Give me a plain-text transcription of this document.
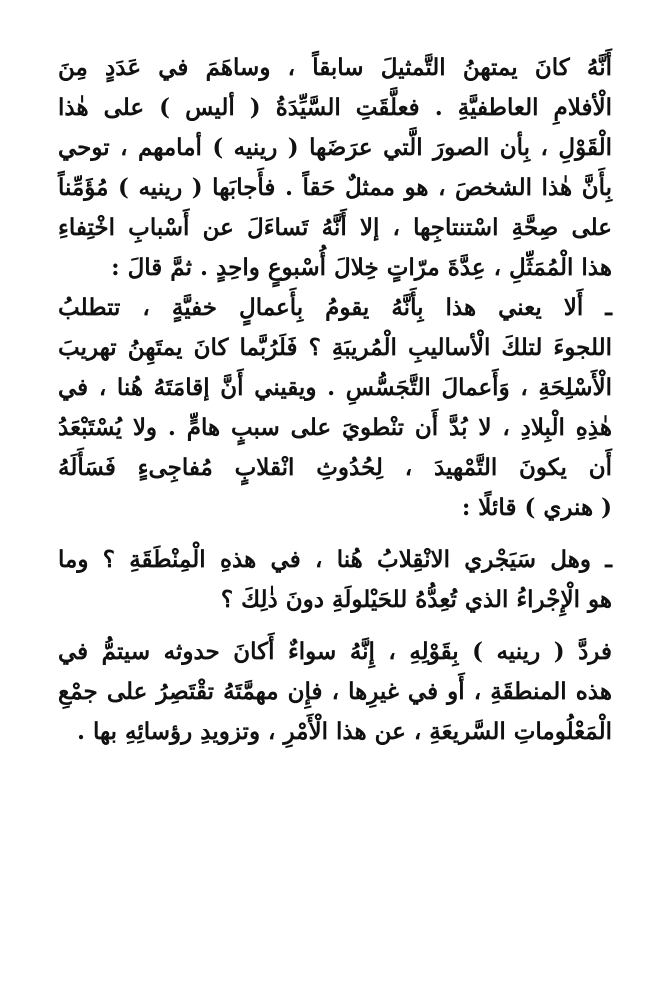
أَنَّهُ كانَ يمتهنُ التَّمثيلَ سابقاً ، وساهَمَ في عَدَدٍ مِنَ
الْأفلامِ العاطفيَّةِ . فعلَّقَتِ السَّيِّدَةُ ( أليس ) على هٰذا
الْقَوْلِ ، بِأن الصورَ الَّتي عرَضَها ( رينيه ) أمامهم ، توحي
بِأَنَّ هٰذا الشخصَ ، هو ممثلٌ حَقاً . فأَجابَها ( رينيه ) مُؤَمِّناً
على صِحَّةِ اسْتنتاجِها ، إلا أَنَّهُ تَساءَلَ عن أَسْبابِ اخْتِفاءِ
هذا الْمُمَثِّلِ ، عِدَّةَ مرّاتٍ خِلالَ أُسْبوعٍ واحِدٍ . ثمَّ قالَ :

ـ أَلا يعني هذا بِأَنَّهُ يقومُ بِأَعمالٍ خفيَّةٍ ، تتطلبُ
اللجوءَ لتلكَ الْأساليبِ الْمُريبَةِ ؟ فَلَرُبَّما كانَ يمتَهِنُ تهريبَ
الْأَسْلِحَةِ ، وَأَعمالَ التَّجَسُّسِ . ويقيني أَنَّ إقامَتَهُ هُنا ، في
هٰذِهِ الْبِلادِ ، لا بُدَّ أَن تنْطويَ على سببٍ هامٍّ . ولا يُسْتَبْعَدُ
أَن يكونَ التَّمْهيدَ ، لِحُدُوثِ انْقلابٍ مُفاجِىءٍ فَسَأَلَهُ
( هنري ) قائلًا :

ـ وهل سَيَجْري الانْقِلابُ هُنا ، في هذهِ الْمِنْطَقَةِ ؟ وما
هو الْإِجْراءُ الذي تُعِدُّهُ للحَيْلولَةِ دونَ ذٰلِكَ ؟

فردَّ ( رينيه ) بِقَوْلِهِ ، إِنَّهُ سواءٌ أَكانَ حدوثه سيتمُّ في
هذه المنطقَةِ ، أَو في غيرِها ، فإِن مهمَّتَهُ تقْتَصِرُ على جمْعِ
الْمَعْلُوماتِ السَّريعَةِ ، عن هذا الْأَمْرِ ، وتزويدِ رؤسائِهِ بها .
